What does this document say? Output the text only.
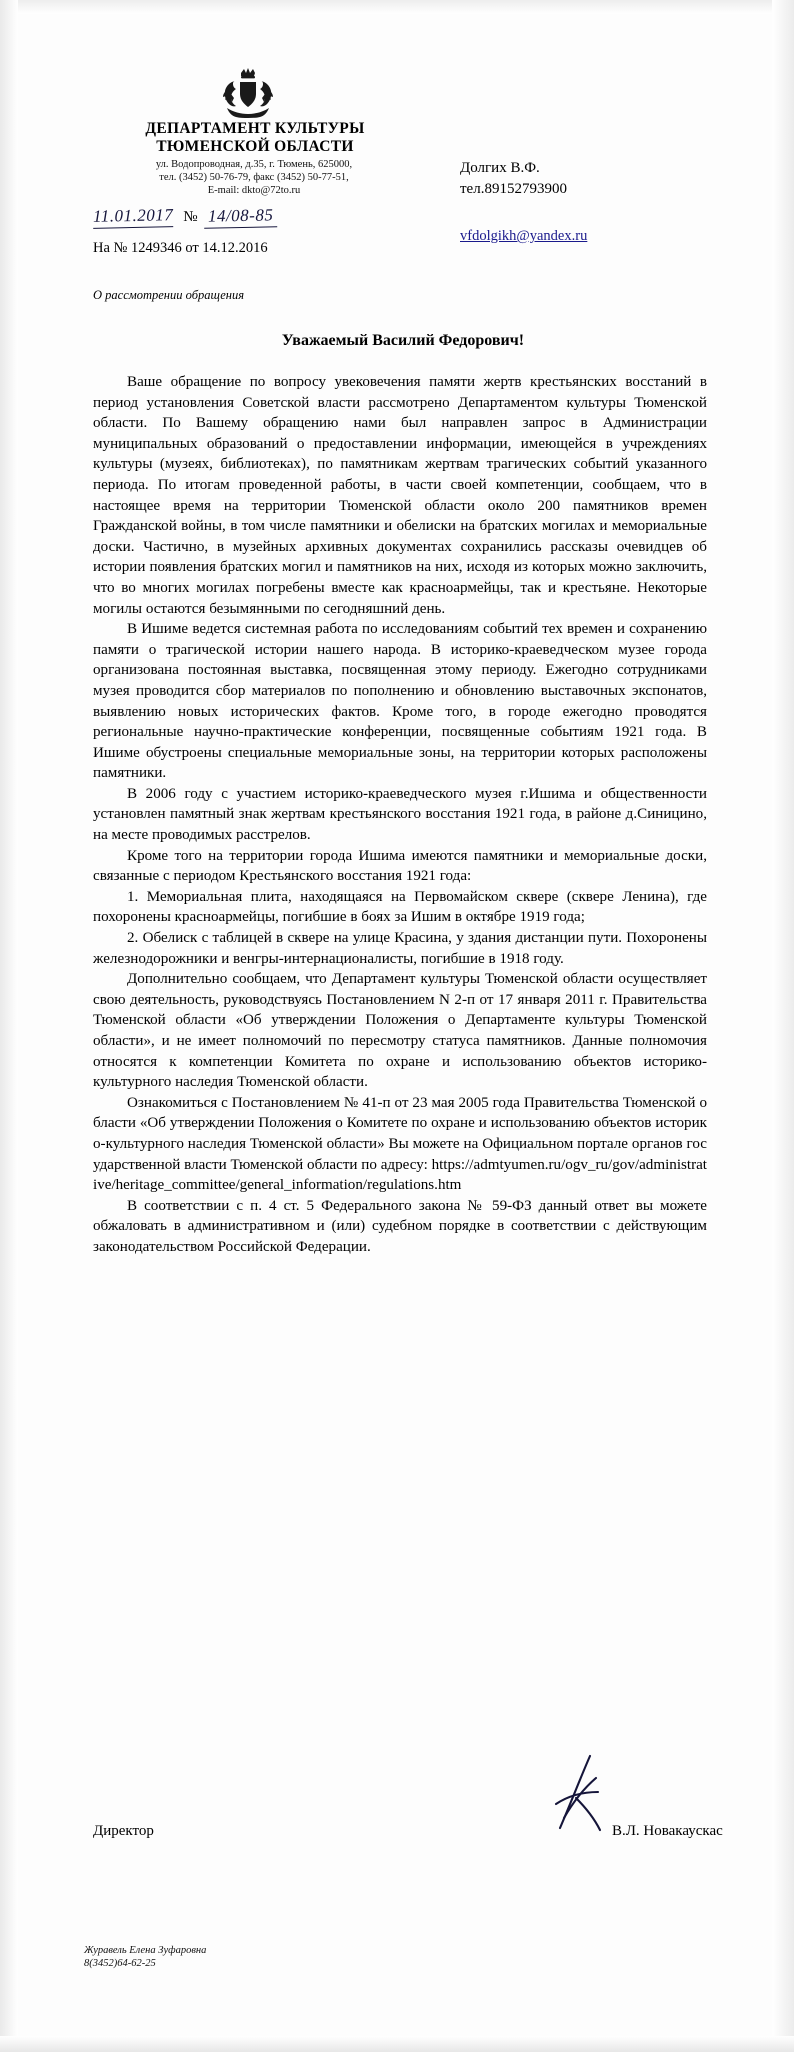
ДЕПАРТАМЕНТ КУЛЬТУРЫ
ТЮМЕНСКОЙ ОБЛАСТИ
ул. Водопроводная, д.35, г. Тюмень, 625000,
тел. (3452) 50-76-79, факс (3452) 50-77-51,
E-mail: dkto@72to.ru
Долгих В.Ф.
тел.89152793900
vfdolgikh@yandex.ru
11.01.2017 № 14/08-85
На № 1249346 от 14.12.2016
О рассмотрении обращения
Уважаемый Василий Федорович!

Ваше обращение по вопросу увековечения памяти жертв крестьянских восстаний в период установления Советской власти рассмотрено Департаментом культуры Тюменской области. По Вашему обращению нами был направлен запрос в Администрации муниципальных образований о предоставлении информации, имеющейся в учреждениях культуры (музеях, библиотеках), по памятникам жертвам трагических событий указанного периода. По итогам проведенной работы, в части своей компетенции, сообщаем, что в настоящее время на территории Тюменской области около 200 памятников времен Гражданской войны, в том числе памятники и обелиски на братских могилах и мемориальные доски. Частично, в музейных архивных документах сохранились рассказы очевидцев об истории появления братских могил и памятников на них, исходя из которых можно заключить, что во многих могилах погребены вместе как красноармейцы, так и крестьяне. Некоторые могилы остаются безымянными по сегодняшний день.

В Ишиме ведется системная работа по исследованиям событий тех времен и сохранению памяти о трагической истории нашего народа. В историко-краеведческом музее города организована постоянная выставка, посвященная этому периоду. Ежегодно сотрудниками музея проводится сбор материалов по пополнению и обновлению выставочных экспонатов, выявлению новых исторических фактов. Кроме того, в городе ежегодно проводятся региональные научно-практические конференции, посвященные событиям 1921 года. В Ишиме обустроены специальные мемориальные зоны, на территории которых расположены памятники.

В 2006 году с участием историко-краеведческого музея г.Ишима и общественности установлен памятный знак жертвам крестьянского восстания 1921 года, в районе д.Синицино, на месте проводимых расстрелов.

Кроме того на территории города Ишима имеются памятники и мемориальные доски, связанные с периодом Крестьянского восстания 1921 года:

1. Мемориальная плита, находящаяся на Первомайском сквере (сквере Ленина), где похоронены красноармейцы, погибшие в боях за Ишим в октябре 1919 года;

2. Обелиск с таблицей в сквере на улице Красина, у здания дистанции пути. Похоронены железнодорожники и венгры-интернационалисты, погибшие в 1918 году.

Дополнительно сообщаем, что Департамент культуры Тюменской области осуществляет свою деятельность, руководствуясь Постановлением N 2-п от 17 января 2011 г. Правительства Тюменской области «Об утверждении Положения о Департаменте культуры Тюменской области», и не имеет полномочий по пересмотру статуса памятников. Данные полномочия относятся к компетенции Комитета по охране и использованию объектов историко-культурного наследия Тюменской области.

Ознакомиться с Постановлением № 41-п от 23 мая 2005 года Правительства Тюменской области «Об утверждении Положения о Комитете по охране и использованию объектов историко-культурного наследия Тюменской области» Вы можете на Официальном портале органов государственной власти Тюменской области по адресу: https://admtyumen.ru/ogv_ru/gov/administrative/heritage_committee/general_information/regulations.htm

В соответствии с п. 4 ст. 5 Федерального закона № 59-ФЗ данный ответ вы можете обжаловать в административном и (или) судебном порядке в соответствии с действующим законодательством Российской Федерации.

Директор	В.Л. Новакаускас
Журавель Елена Зуфаровна
8(3452)64-62-25
